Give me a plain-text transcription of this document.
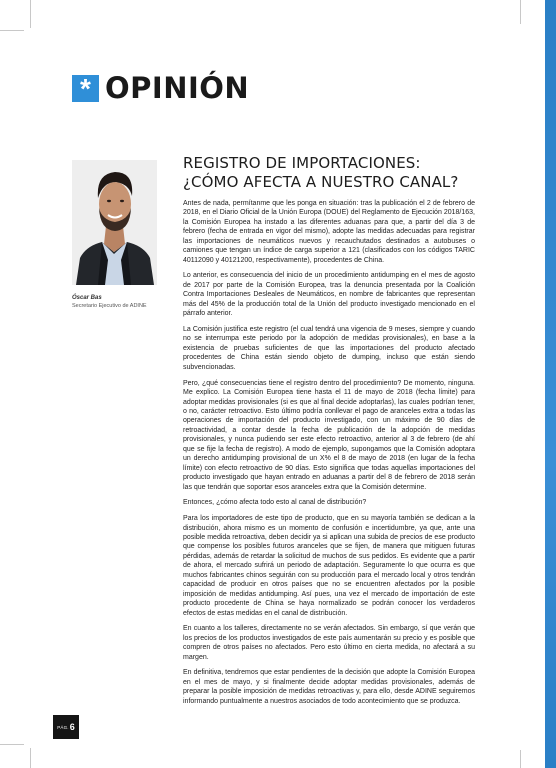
* OPINIÓN
Óscar Bas
Secretario Ejecutivo de ADINE
REGISTRO DE IMPORTACIONES:
¿CÓMO AFECTA A NUESTRO CANAL?

Antes de nada, permítanme que les ponga en situación: tras la publicación el 2 de febrero de 2018, en el Diario Oficial de la Unión Europa (DOUE) del Reglamento de Ejecución 2018/163, la Comisión Europea ha instado a las diferentes aduanas para que, a partir del día 3 de febrero (fecha de entrada en vigor del mismo), adopte las medidas adecuadas para registrar las importaciones de neumáticos nuevos y recauchutados destinados a autobuses o camiones que tengan un índice de carga superior a 121 (clasificados con los códigos TARIC 40112090 y 40121200, respectivamente), procedentes de China.

Lo anterior, es consecuencia del inicio de un procedimiento antidumping en el mes de agosto de 2017 por parte de la Comisión Europea, tras la denuncia presentada por la Coalición Contra Importaciones Desleales de Neumáticos, en nombre de fabricantes que representan más del 45% de la producción total de la Unión del producto investigado mencionado en el párrafo anterior.

La Comisión justifica este registro (el cual tendrá una vigencia de 9 meses, siempre y cuando no se interrumpa este periodo por la adopción de medidas provisionales), en base a la existencia de pruebas suficientes de que las importaciones del producto afectado procedentes de China están siendo objeto de dumping, incluso que están siendo subvencionadas.

Pero, ¿qué consecuencias tiene el registro dentro del procedimiento? De momento, ninguna. Me explico. La Comisión Europea tiene hasta el 11 de mayo de 2018 (fecha límite) para adoptar medidas provisionales (si es que al final decide adoptarlas), las cuales podrían tener, o no, carácter retroactivo. Esto último podría conllevar el pago de aranceles extra a todas las operaciones de importación del producto investigado, con un máximo de 90 días de retroactividad, a contar desde la fecha de publicación de la adopción de medidas provisionales, y nunca pudiendo ser este efecto retroactivo, anterior al 3 de febrero (de ahí que se fije la fecha de registro). A modo de ejemplo, supongamos que la Comisión adoptara un derecho antidumping provisional de un X% el 8 de mayo de 2018 (en lugar de la fecha límite) con efecto retroactivo de 90 días. Esto significa que todas aquellas importaciones del producto investigado que hayan entrado en aduanas a partir del 8 de febrero de 2018 serán las que tendrán que soportar esos aranceles extra que la Comisión determine.

Entonces, ¿cómo afecta todo esto al canal de distribución?

Para los importadores de este tipo de producto, que en su mayoría también se dedican a la distribución, ahora mismo es un momento de confusión e incertidumbre, ya que, ante una posible medida retroactiva, deben decidir ya si aplican una subida de precios de ese producto que compense los posibles futuros aranceles que se fijen, de manera que mitiguen futuras pérdidas, además de retardar la solicitud de muchos de sus pedidos. Es evidente que a partir de ahora, el mercado sufrirá un periodo de adaptación. Seguramente lo que ocurra es que muchos fabricantes chinos seguirán con su producción para el mercado local y otros tendrán capacidad de producir en otros países que no se encuentren afectados por la posible imposición de medidas antidumping. Así pues, una vez el mercado de importación de este producto procedente de China se haya normalizado se podrán conocer los verdaderos efectos de estas medidas en el canal de distribución.

En cuanto a los talleres, directamente no se verán afectados. Sin embargo, sí que verán que los precios de los productos investigados de este país aumentarán su precio y es posible que compren de otros países no afectados. Pero esto último en cierta medida, no afectará a su margen.

En definitiva, tendremos que estar pendientes de la decisión que adopte la Comisión Europea en el mes de mayo, y si finalmente decide adoptar medidas provisionales, además de preparar la posible imposición de medidas retroactivas y, para ello, desde ADINE seguiremos informando puntualmente a nuestros asociados de todo acontecimiento que se produzca.

PÁG. 6
